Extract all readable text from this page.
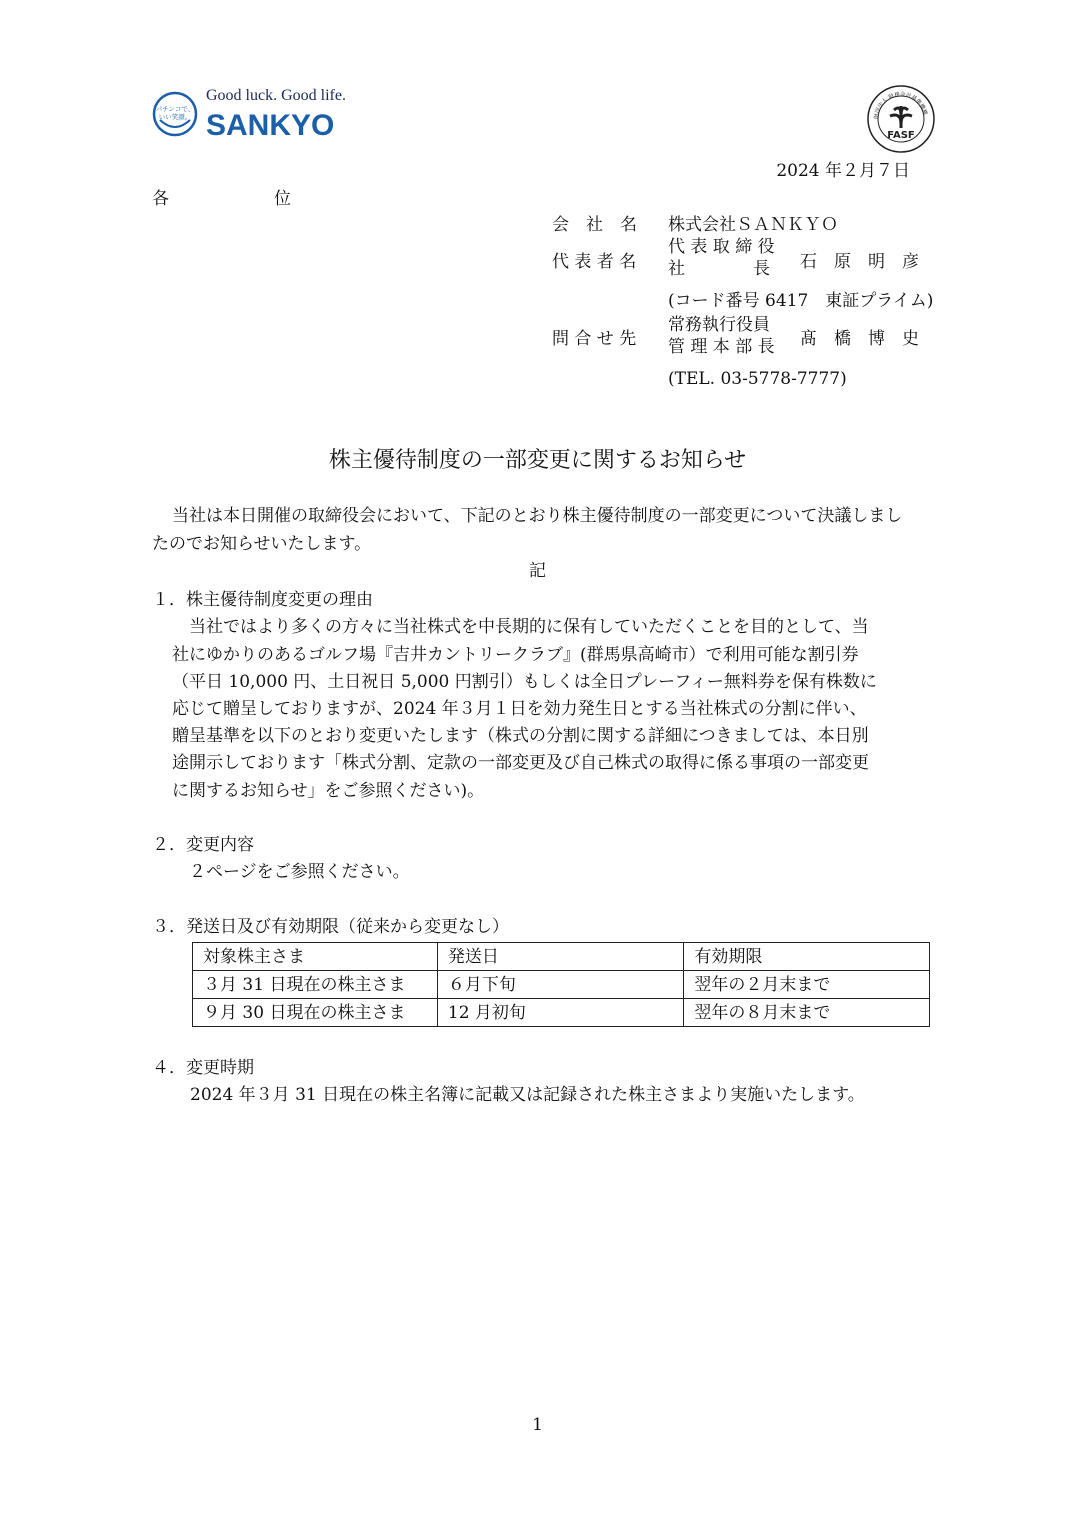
パチンコで、
いい笑顔。
Good luck. Good life.
SANKYO	財団法人 財務会計基準機構
FASF
2024 年２月７日
各　位
会　社　名	株式会社ＳＡＮＫＹＯ
代 表 者 名
代 表 取 締 役
社　　　　長 石　原　明　彦
(コード番号 6417　東証プライム)
問 合 せ 先
常務執行役員
管 理 本 部 長 髙　橋　博　史
(TEL. 03-5778-7777)
株主優待制度の一部変更に関するお知らせ
当社は本日開催の取締役会において、下記のとおり株主優待制度の一部変更について決議しまし
たのでお知らせいたします。
記
１．株主優待制度変更の理由
　当社ではより多くの方々に当社株式を中長期的に保有していただくことを目的として、当
社にゆかりのあるゴルフ場『吉井カントリークラブ』(群馬県高崎市）で利用可能な割引券
（平日 10,000 円、土日祝日 5,000 円割引）もしくは全日プレーフィー無料券を保有株数に
応じて贈呈しておりますが、2024 年３月１日を効力発生日とする当社株式の分割に伴い、
贈呈基準を以下のとおり変更いたします（株式の分割に関する詳細につきましては、本日別
途開示しております「株式分割、定款の一部変更及び自己株式の取得に係る事項の一部変更
に関するお知らせ」をご参照ください)。
２．変更内容
　２ページをご参照ください。
３．発送日及び有効期限（従来から変更なし）
対象株主さま	発送日	有効期限
３月 31 日現在の株主さま	６月下旬	翌年の２月末まで
９月 30 日現在の株主さま	12 月初旬	翌年の８月末まで
４．変更時期
2024 年３月 31 日現在の株主名簿に記載又は記録された株主さまより実施いたします。
1
